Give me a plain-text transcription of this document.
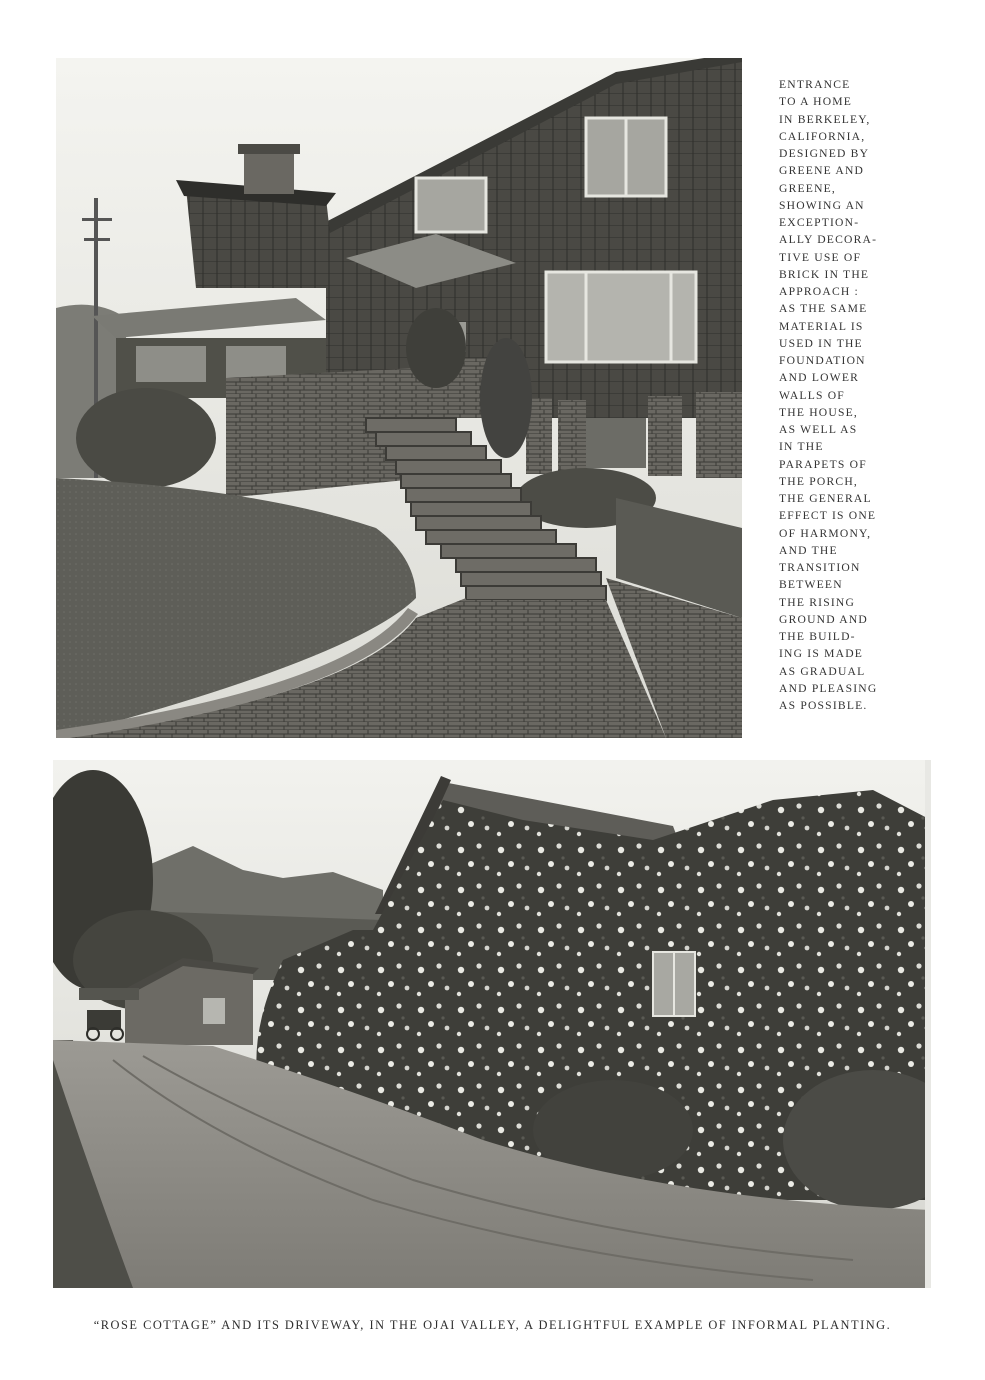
ENTRANCE
TO A HOME
IN BERKELEY,
CALIFORNIA,
DESIGNED BY
GREENE AND
GREENE,
SHOWING AN
EXCEPTION-
ALLY DECORA-
TIVE USE OF
BRICK IN THE
APPROACH :
AS THE SAME
MATERIAL IS
USED IN THE
FOUNDATION
AND LOWER
WALLS OF
THE HOUSE,
AS WELL AS
IN THE
PARAPETS OF
THE PORCH,
THE GENERAL
EFFECT IS ONE
OF HARMONY,
AND THE
TRANSITION
BETWEEN
THE RISING
GROUND AND
THE BUILD-
ING IS MADE
AS GRADUAL
AND PLEASING
AS POSSIBLE.
“ROSE COTTAGE” AND ITS DRIVEWAY, IN THE OJAI VALLEY, A DELIGHTFUL EXAMPLE OF INFORMAL PLANTING.
